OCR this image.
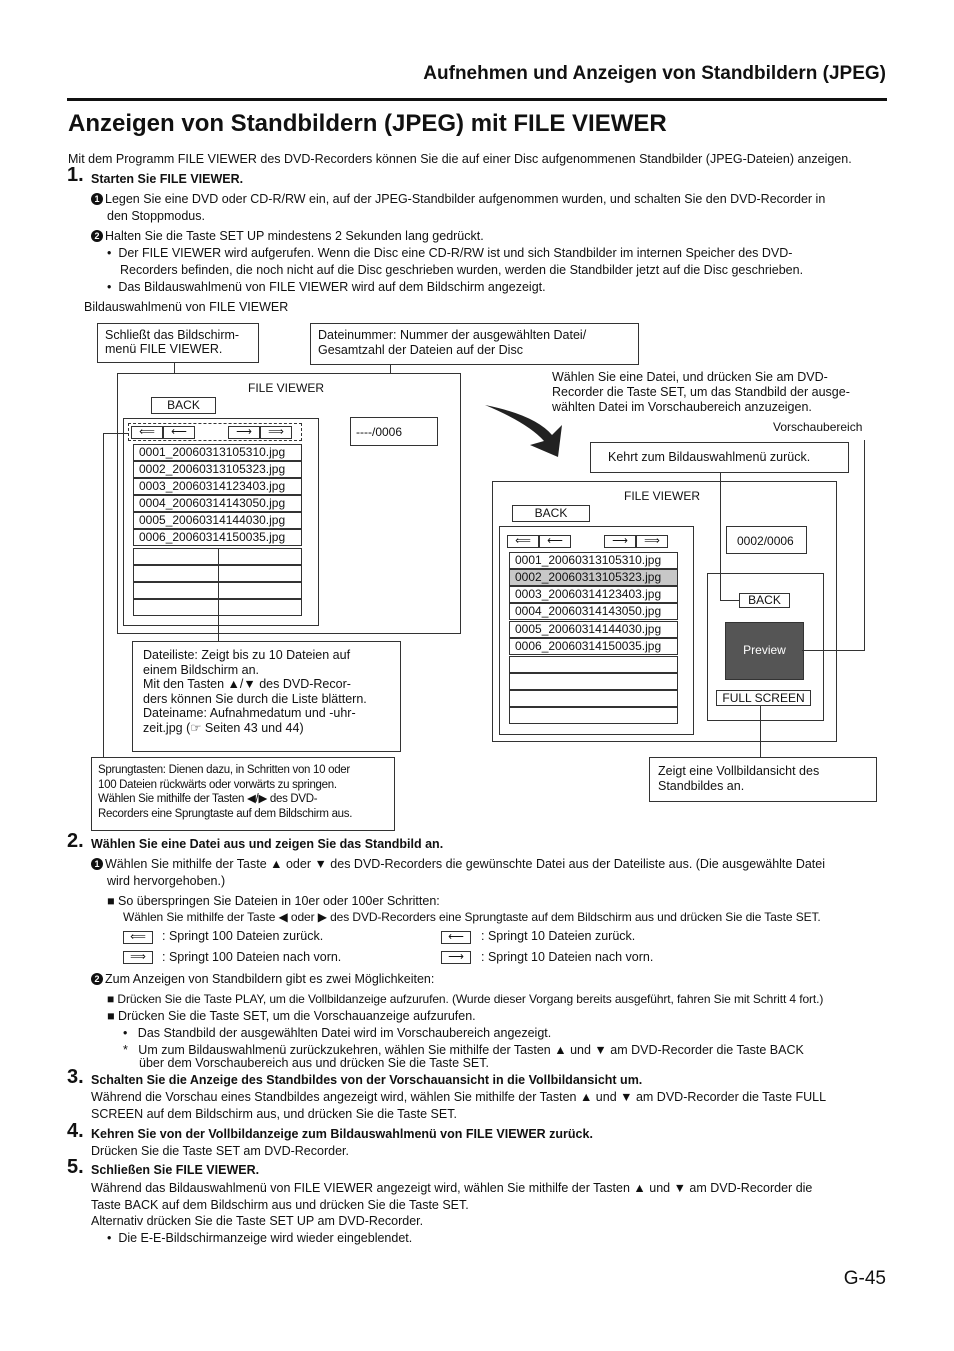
Aufnehmen und Anzeigen von Standbildern (JPEG)
Anzeigen von Standbildern (JPEG) mit FILE VIEWER
Mit dem Programm FILE VIEWER des DVD-Recorders können Sie die auf einer Disc aufgenommenen Standbilder (JPEG-Dateien) anzeigen.
1. Starten Sie FILE VIEWER.
1 Legen Sie eine DVD oder CD-R/RW ein, auf der JPEG-Standbilder aufgenommen wurden, und schalten Sie den DVD-Recorder in
den Stoppmodus.
2 Halten Sie die Taste SET UP mindestens 2 Sekunden lang gedrückt.
•  Der FILE VIEWER wird aufgerufen. Wenn die Disc eine CD-R/RW ist und sich Standbilder im internen Speicher des DVD-
Recorders befinden, die noch nicht auf die Disc geschrieben wurden, werden die Standbilder jetzt auf die Disc geschrieben.
•  Das Bildauswahlmenü von FILE VIEWER wird auf dem Bildschirm angezeigt.
Bildauswahlmenü von FILE VIEWER
Schließt das Bildschirm-
menü FILE VIEWER.
Dateinummer: Nummer der ausgewählten Datei/
Gesamtzahl der Dateien auf der Disc
FILE VIEWER
BACK
----/0006
⟸	⟵	⟶	⟹
0001_20060313105310.jpg
0002_20060313105323.jpg
0003_20060314123403.jpg
0004_20060314143050.jpg
0005_20060314144030.jpg
0006_20060314150035.jpg
Wählen Sie eine Datei, und drücken Sie am DVD-
Recorder die Taste SET, um das Standbild der ausge-
wählten Datei im Vorschaubereich anzuzeigen.
Vorschaubereich
Kehrt zum Bildauswahlmenü zurück.
FILE VIEWER
BACK
0002/0006
⟸	⟵	⟶	⟹
0001_20060313105310.jpg
0002_20060313105323.jpg
0003_20060314123403.jpg
0004_20060314143050.jpg
0005_20060314144030.jpg
0006_20060314150035.jpg
BACK
Preview
FULL SCREEN
Dateiliste: Zeigt bis zu 10 Dateien auf
einem Bildschirm an.
Mit den Tasten ▲/▼ des DVD-Recor-
ders können Sie durch die Liste blättern.
Dateiname: Aufnahmedatum und -uhr-
zeit.jpg (☞ Seiten 43 und 44)
Sprungtasten: Dienen dazu, in Schritten von 10 oder
100 Dateien rückwärts oder vorwärts zu springen.
Wählen Sie mithilfe der Tasten ◀/▶ des DVD-
Recorders eine Sprungtaste auf dem Bildschirm aus.
Zeigt eine Vollbildansicht des
Standbildes an.
2. Wählen Sie eine Datei aus und zeigen Sie das Standbild an.
1 Wählen Sie mithilfe der Taste ▲ oder ▼ des DVD-Recorders die gewünschte Datei aus der Dateiliste aus. (Die ausgewählte Datei
wird hervorgehoben.)
■ So überspringen Sie Dateien in 10er oder 100er Schritten:
Wählen Sie mithilfe der Taste ◀ oder ▶ des DVD-Recorders eine Sprungtaste auf dem Bildschirm aus und drücken Sie die Taste SET.
⟸	: Springt 100 Dateien zurück.	⟵	: Springt 10 Dateien zurück.
⟹	: Springt 100 Dateien nach vorn.	⟶	: Springt 10 Dateien nach vorn.
2 Zum Anzeigen von Standbildern gibt es zwei Möglichkeiten:
■ Drücken Sie die Taste PLAY, um die Vollbildanzeige aufzurufen. (Wurde dieser Vorgang bereits ausgeführt, fahren Sie mit Schritt 4 fort.)
■ Drücken Sie die Taste SET, um die Vorschauanzeige aufzurufen.
•   Das Standbild der ausgewählten Datei wird im Vorschaubereich angezeigt.
*   Um zum Bildauswahlmenü zurückzukehren, wählen Sie mithilfe der Tasten ▲ und ▼ am DVD-Recorder die Taste BACK
über dem Vorschaubereich aus und drücken Sie die Taste SET.
3. Schalten Sie die Anzeige des Standbildes von der Vorschauansicht in die Vollbildansicht um.
Während die Vorschau eines Standbildes angezeigt wird, wählen Sie mithilfe der Tasten ▲ und ▼ am DVD-Recorder die Taste FULL
SCREEN auf dem Bildschirm aus, und drücken Sie die Taste SET.
4. Kehren Sie von der Vollbildanzeige zum Bildauswahlmenü von FILE VIEWER zurück.
Drücken Sie die Taste SET am DVD-Recorder.
5. Schließen Sie FILE VIEWER.
Während das Bildauswahlmenü von FILE VIEWER angezeigt wird, wählen Sie mithilfe der Tasten ▲ und ▼ am DVD-Recorder die
Taste BACK auf dem Bildschirm aus und drücken Sie die Taste SET.
Alternativ drücken Sie die Taste SET UP am DVD-Recorder.
•  Die E-E-Bildschirmanzeige wird wieder eingeblendet.
G-45
